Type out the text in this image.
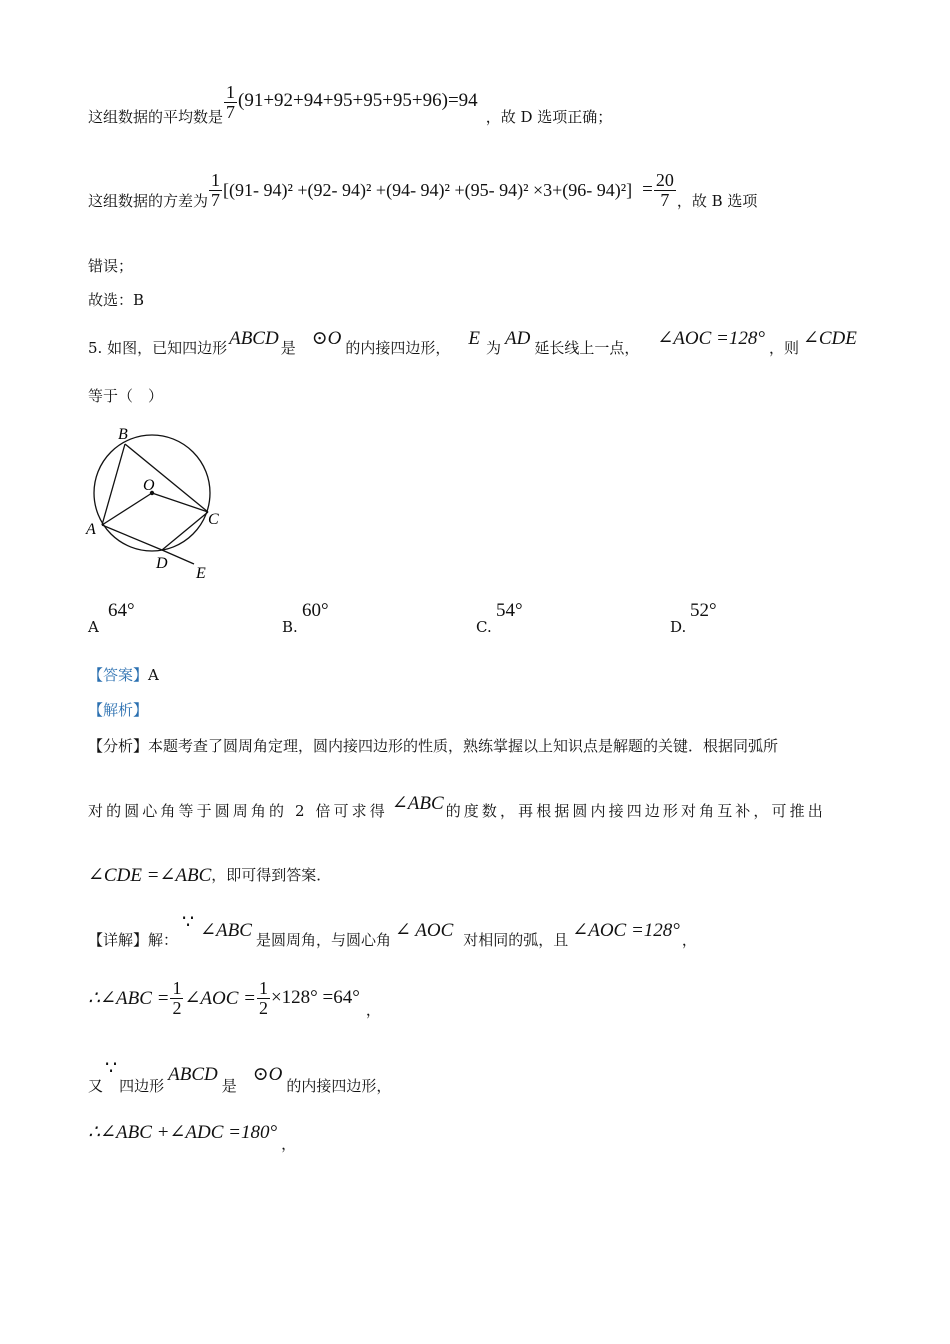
这组数据的平均数是 $\frac{1}{7} (91+92+94+95+95+95+96)=94$
，故 D 选项正确；
这组数据的方差为 $\frac{1}{7} [(91-$ 94)² +(92- 94)² +(94- 94)² +(95- 94)² ×3+(96- $94)^2] = \frac{20}{7}$ ，故 B 选项
错误；
故选：B
5. 如图，已知四边形 ABCD 是 ⊙O 的内接四边形， E 为 AD 延长线上一点， ∠AOC =128° ，则 ∠CDE
等于（　）
B
O
C
A
D
E
A
64°
B.
60°
C.
54°
D.
52°
【答案】A
【解析】
【分析】本题考查了圆周角定理，圆内接四边形的性质，熟练掌握以上知识点是解题的关键．根据同弧所
对的圆心角等于圆周角的 2 倍可求得 ∠ABC 的度数，再根据圆内接四边形对角互补，可推出
∠CDE =∠ABC ，即可得到答案．
【详解】 解：
∵ ∠ABC 是圆周角，与圆心角 ∠ AOC 对相同的弧，且 ∠AOC =128° ，
∴∠ABC = $\frac{1}{2}$ ∠AOC = $\frac{1}{2} \times 128^\circ =64^\circ$
，
又
∵
四边形
ABCD
是
⊙O
的内接四边形，
∴∠ABC +∠ADC =180°
，
